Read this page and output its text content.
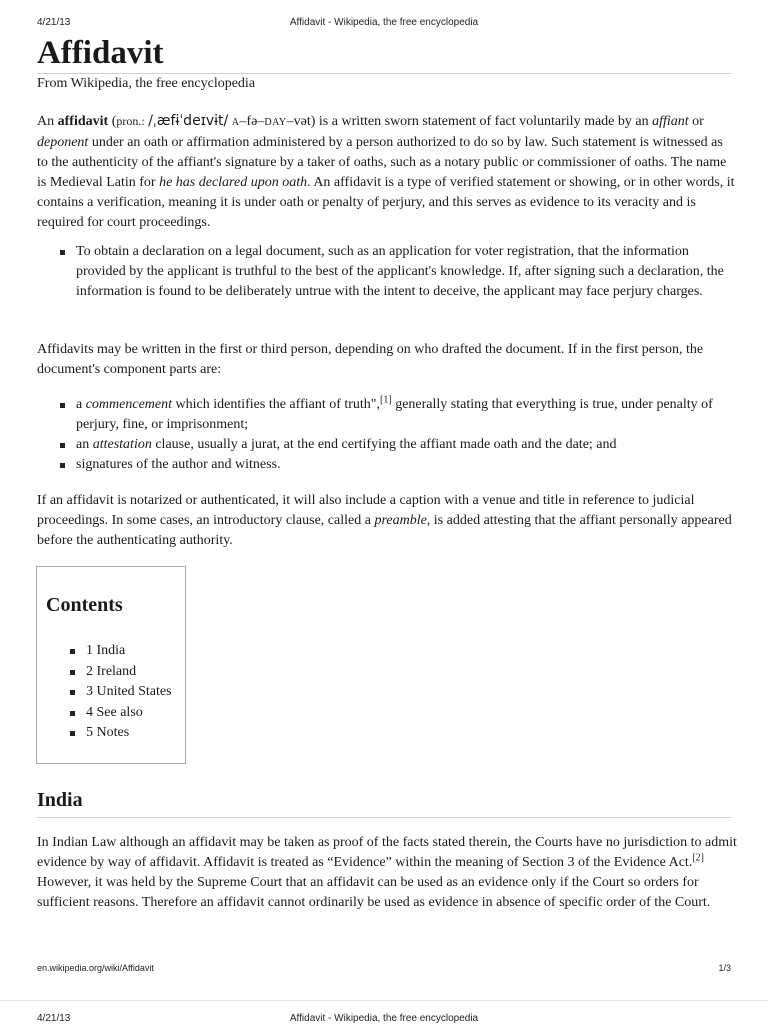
4/21/13	Affidavit - Wikipedia, the free encyclopedia
Affidavit
From Wikipedia, the free encyclopedia

An affidavit (pron.: /ˌæfɨˈdeɪvɨt/ A–fə–DAY–vət) is a written sworn statement of fact voluntarily made by an affiant or deponent under an oath or affirmation administered by a person authorized to do so by law. Such statement is witnessed as to the authenticity of the affiant's signature by a taker of oaths, such as a notary public or commissioner of oaths. The name is Medieval Latin for he has declared upon oath. An affidavit is a type of verified statement or showing, or in other words, it contains a verification, meaning it is under oath or penalty of perjury, and this serves as evidence to its veracity and is required for court proceedings.

To obtain a declaration on a legal document, such as an application for voter registration, that the information provided by the applicant is truthful to the best of the applicant's knowledge. If, after signing such a declaration, the information is found to be deliberately untrue with the intent to deceive, the applicant may face perjury charges.

Affidavits may be written in the first or third person, depending on who drafted the document. If in the first person, the document's component parts are:

a commencement which identifies the affiant of truth",[1] generally stating that everything is true, under penalty of perjury, fine, or imprisonment;
an attestation clause, usually a jurat, at the end certifying the affiant made oath and the date; and
signatures of the author and witness.

If an affidavit is notarized or authenticated, it will also include a caption with a venue and title in reference to judicial proceedings. In some cases, an introductory clause, called a preamble, is added attesting that the affiant personally appeared before the authenticating authority.

Contents
1 India
2 Ireland
3 United States
4 See also
5 Notes
India

In Indian Law although an affidavit may be taken as proof of the facts stated therein, the Courts have no jurisdiction to admit evidence by way of affidavit. Affidavit is treated as “Evidence” within the meaning of Section 3 of the Evidence Act.[2] However, it was held by the Supreme Court that an affidavit can be used as an evidence only if the Court so orders for sufficient reasons. Therefore an affidavit cannot ordinarily be used as evidence in absence of specific order of the Court.

en.wikipedia.org/wiki/Affidavit	1/3
4/21/13	Affidavit - Wikipedia, the free encyclopedia
